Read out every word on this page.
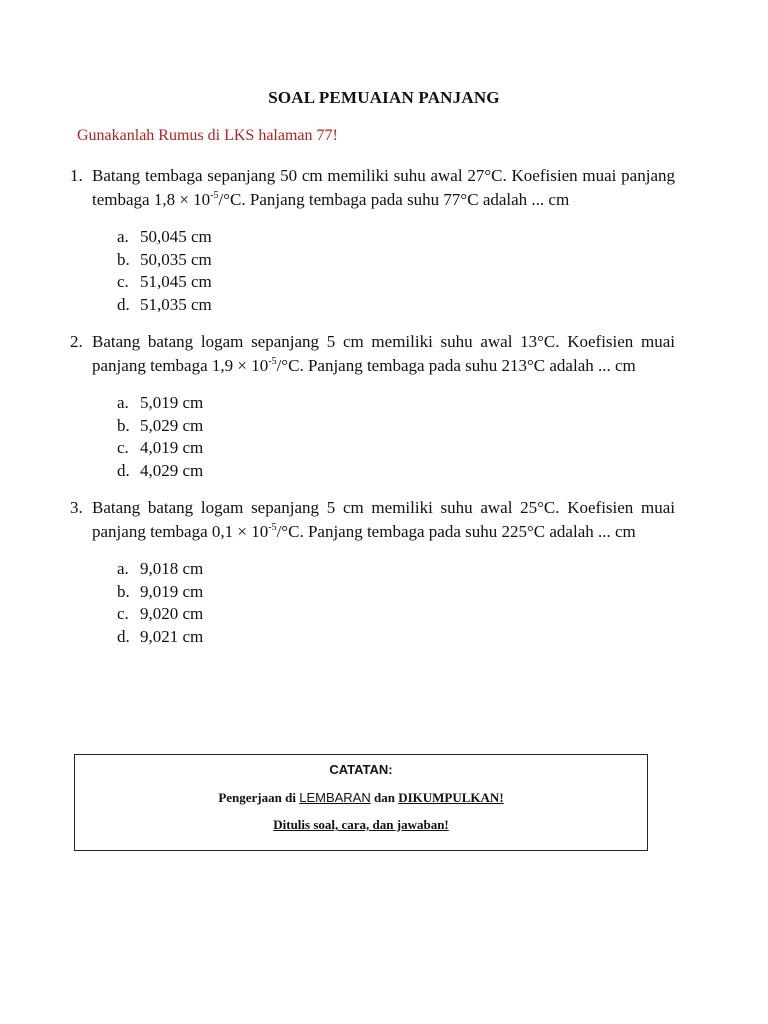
SOAL PEMUAIAN PANJANG
Gunakanlah Rumus di LKS halaman 77!
1. Batang tembaga sepanjang 50 cm memiliki suhu awal 27°C. Koefisien muai panjang tembaga $1,8 \times 10^{-5}/^\circ C$. Panjang tembaga pada suhu 77°C adalah ... cm
a. 50,045 cm
b. 50,035 cm
c. 51,045 cm
d. 51,035 cm
2. Batang batang logam sepanjang 5 cm memiliki suhu awal 13°C. Koefisien muai panjang tembaga $1,9 \times 10^{-5}/^\circ C$. Panjang tembaga pada suhu 213°C adalah ... cm
a. 5,019 cm
b. 5,029 cm
c. 4,019 cm
d. 4,029 cm
3. Batang batang logam sepanjang 5 cm memiliki suhu awal 25°C. Koefisien muai panjang tembaga $0,1 \times 10^{-5}/^\circ C$. Panjang tembaga pada suhu 225°C adalah ... cm
a. 9,018 cm
b. 9,019 cm
c. 9,020 cm
d. 9,021 cm
CATATAN:
Pengerjaan di LEMBARAN dan DIKUMPULKAN!
Ditulis soal, cara, dan jawaban!
